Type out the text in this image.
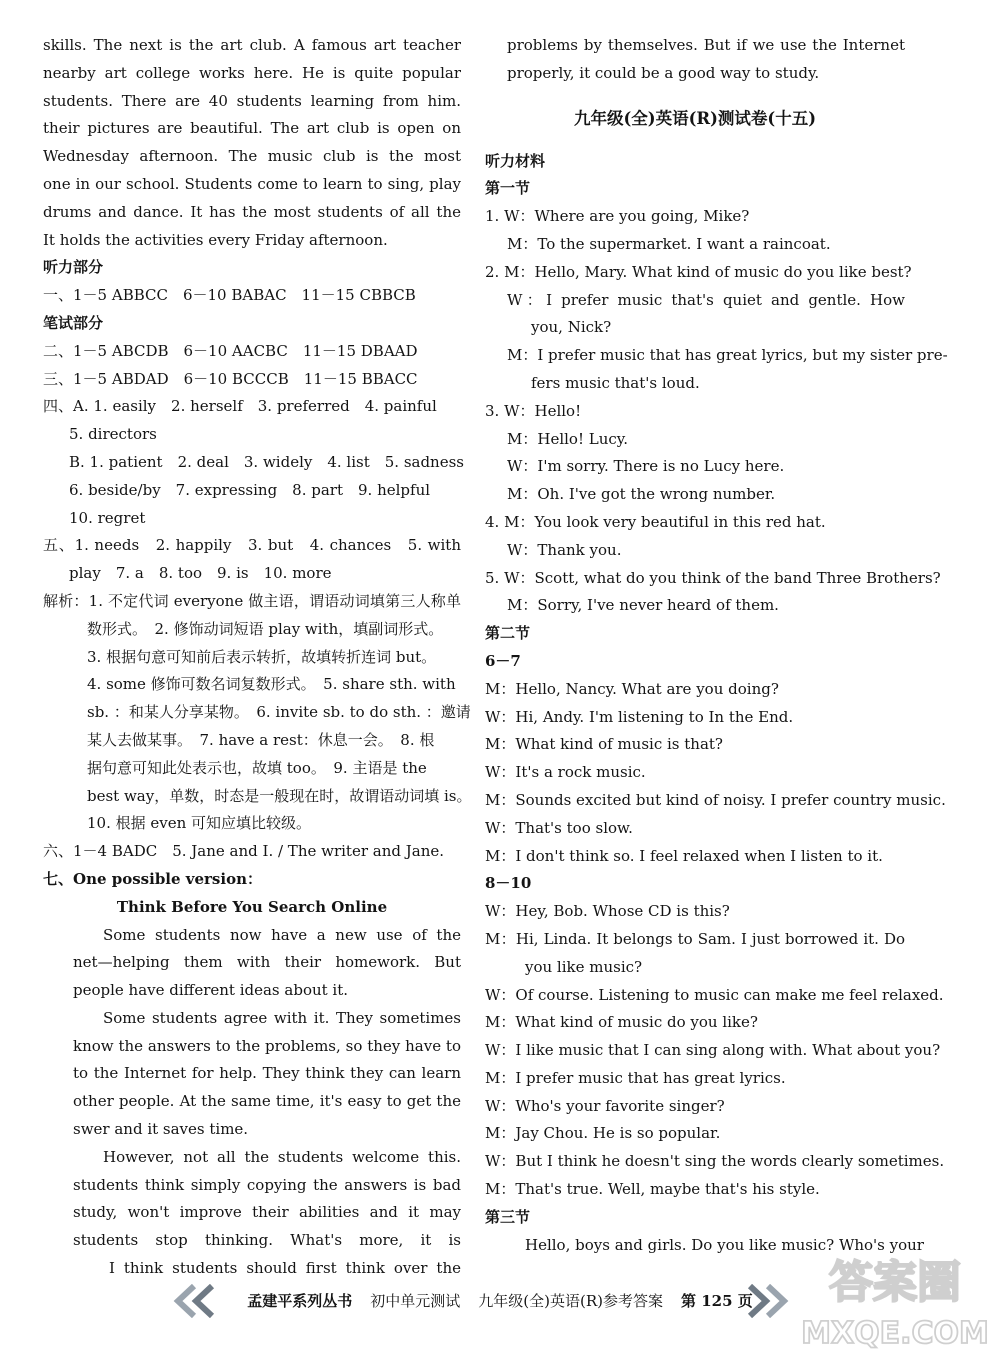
skills. The next is the art club. A famous art teacher
nearby art college works here. He is quite popular
students. There are 40 students learning from him.
their pictures are beautiful. The art club is open on
Wednesday afternoon. The music club is the most
one in our school. Students come to learn to sing, play
drums and dance. It has the most students of all the
It holds the activities every Friday afternoon.
听力部分
一、1－5 ABBCC　6－10 BABAC　11－15 CBBCB
笔试部分
二、1－5 ABCDB　6－10 AACBC　11－15 DBAAD
三、1－5 ABDAD　6－10 BCCCB　11－15 BBACC
四、A. 1. easily　2. herself　3. preferred　4. painful
5. directors
B. 1. patient　2. deal　3. widely　4. list　5. sadness
6. beside/by　7. expressing　8. part　9. helpful
10. regret
五、1. needs　2. happily　3. but　4. chances　5. with　
play　7. a　8. too　9. is　10. more
解析：1. 不定代词 everyone 做主语，谓语动词填第三人称单
数形式。　2. 修饰动词短语 play with，填副词形式。
3. 根据句意可知前后表示转折，故填转折连词 but。
4. some 修饰可数名词复数形式。　5. share sth. with
sb. ：和某人分享某物。　6. invite sb. to do sth. ：邀请
某人去做某事。　7. have a rest：休息一会。　8. 根
据句意可知此处表示也，故填 too。　9. 主语是 the
best way，单数，时态是一般现在时，故谓语动词填 is。
10. 根据 even 可知应填比较级。
六、1－4 BADC　5. Jane and I. / The writer and Jane.
七、One possible version：
Think Before You Search Online
Some students now have a new use of the
net—helping them with their homework. But
people have different ideas about it.
Some students agree with it. They sometimes
know the answers to the problems, so they have to
to the Internet for help. They think they can learn
other people. At the same time, it's easy to get the
swer and it saves time.
However, not all the students welcome this.
students think simply copying the answers is bad
study, won't improve their abilities and it may
students stop thinking. What's more, it is
I think students should first think over the
problems by themselves. But if we use the Internet
properly, it could be a good way to study.
九年级(全)英语(R)测试卷(十五)
听力材料
第一节
1. W：Where are you going, Mike?
M：To the supermarket. I want a raincoat.
2. M：Hello, Mary. What kind of music do you like best?
W：I prefer music that's quiet and gentle. How
you, Nick?
M：I prefer music that has great lyrics, but my sister pre-
fers music that's loud.
3. W：Hello!
M：Hello! Lucy.
W：I'm sorry. There is no Lucy here.
M：Oh. I've got the wrong number.
4. M：You look very beautiful in this red hat.
W：Thank you.
5. W：Scott, what do you think of the band Three Brothers?
M：Sorry, I've never heard of them.
第二节
6－7
M：Hello, Nancy. What are you doing?
W：Hi, Andy. I'm listening to In the End.
M：What kind of music is that?
W：It's a rock music.
M：Sounds excited but kind of noisy. I prefer country music.
W：That's too slow.
M：I don't think so. I feel relaxed when I listen to it.
8－10
W：Hey, Bob. Whose CD is this?
M：Hi, Linda. It belongs to Sam. I just borrowed it. Do
you like music?
W：Of course. Listening to music can make me feel relaxed.
M：What kind of music do you like?
W：I like music that I can sing along with. What about you?
M：I prefer music that has great lyrics.
W：Who's your favorite singer?
M：Jay Chou. He is so popular.
W：But I think he doesn't sing the words clearly sometimes.
M：That's true. Well, maybe that's his style.
第三节
Hello, boys and girls. Do you like music? Who's your
孟建平系列丛书 初中单元测试 九年级(全)英语(R)参考答案 第 125 页 答案圈
MXQE.COM
